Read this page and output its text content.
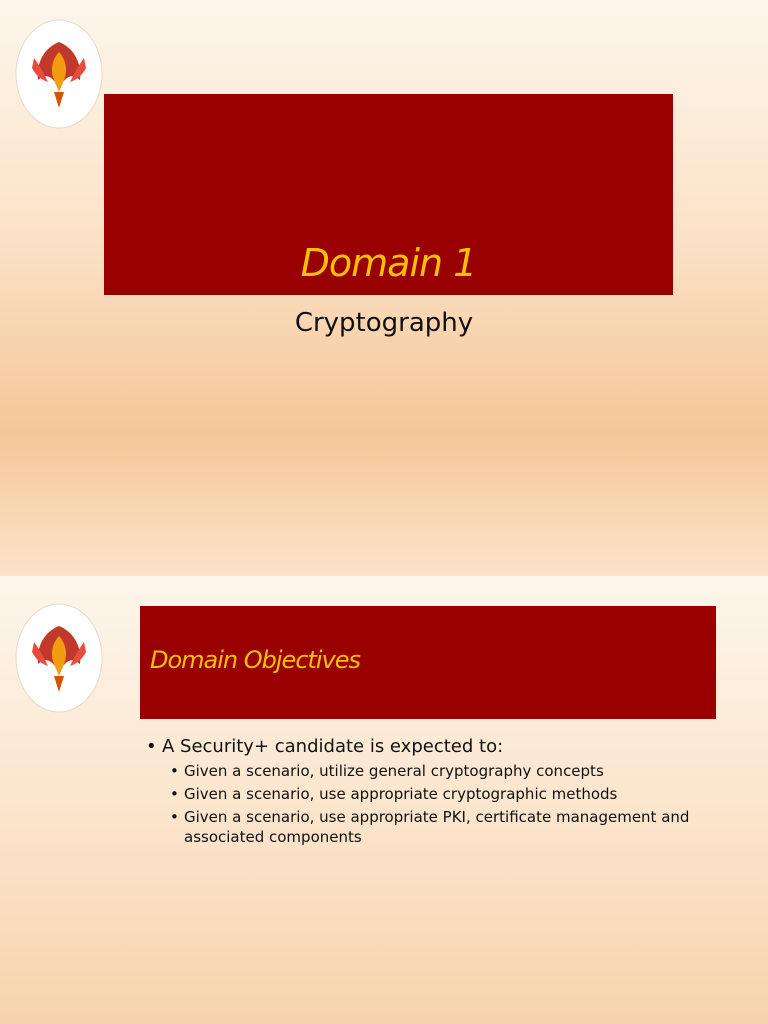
Domain 1
Cryptography
Domain Objectives
• A Security+ candidate is expected to:
• Given a scenario, utilize general cryptography concepts
• Given a scenario, use appropriate cryptographic methods
• Given a scenario, use appropriate PKI, certificate management and associated components
